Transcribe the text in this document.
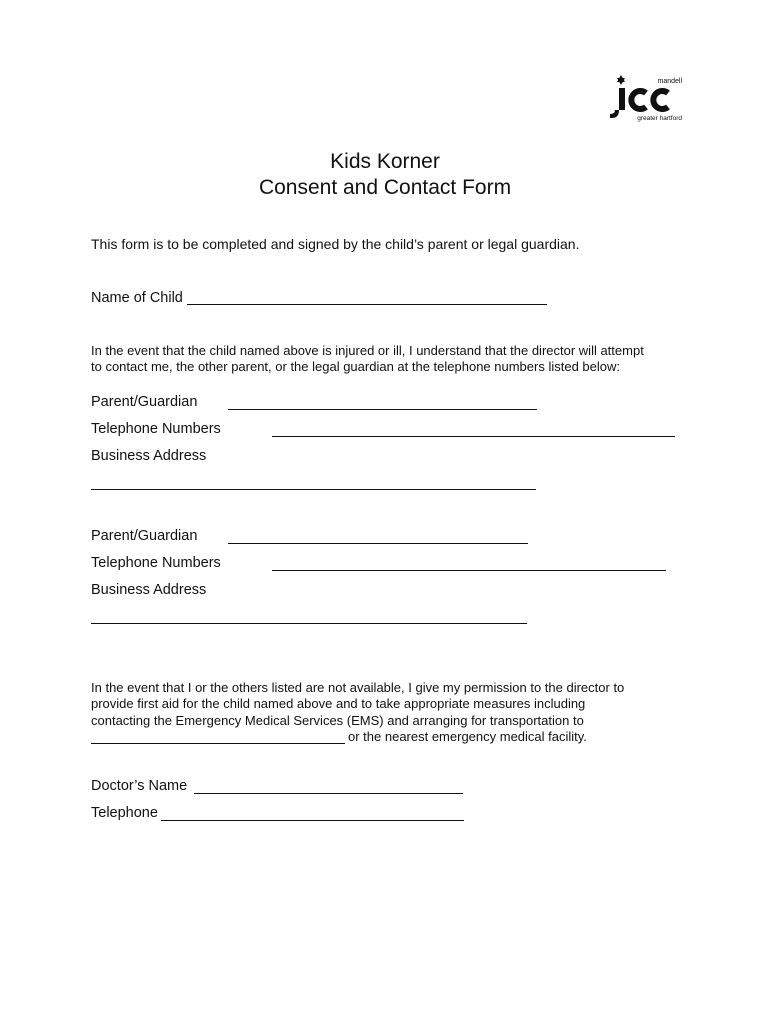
mandell
greater hartford
Kids Korner
Consent and Contact Form
This form is to be completed and signed by the child’s parent or legal guardian.
Name of Child
In the event that the child named above is injured or ill, I understand that the director will attempt
to contact me, the other parent, or the legal guardian at the telephone numbers listed below:
Parent/Guardian
Telephone Numbers
Business Address
Parent/Guardian
Telephone Numbers
Business Address
In the event that I or the others listed are not available, I give my permission to the director to
provide first aid for the child named above and to take appropriate measures including
contacting the Emergency Medical Services (EMS) and arranging for transportation to
or the nearest emergency medical facility.
Doctor’s Name
Telephone
